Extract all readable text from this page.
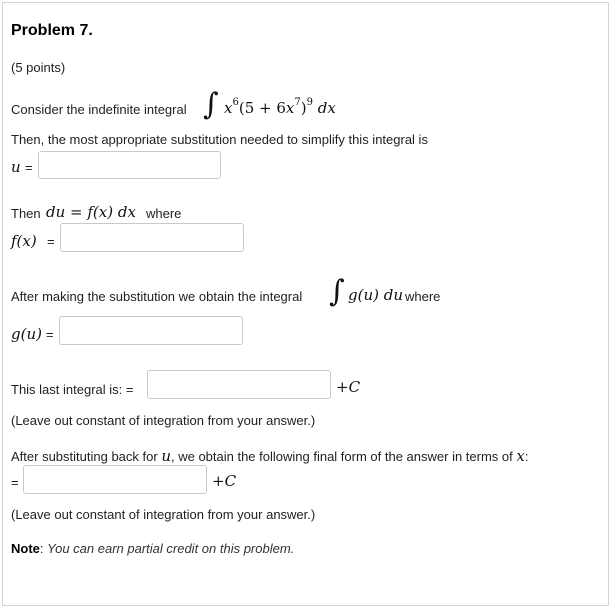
Problem 7.
(5 points)
Consider the indefinite integral ∫ $x^6(5 + 6x^7)^9$ dx
Then, the most appropriate substitution needed to simplify this integral is
u =
Then du = f(x) dx where
f(x) =
After making the substitution we obtain the integral ∫ g(u) du where
g(u) =
This last integral is: =	+C
(Leave out constant of integration from your answer.)
After substituting back for u, we obtain the following final form of the answer in terms of x:
=	+C
(Leave out constant of integration from your answer.)
Note: You can earn partial credit on this problem.
